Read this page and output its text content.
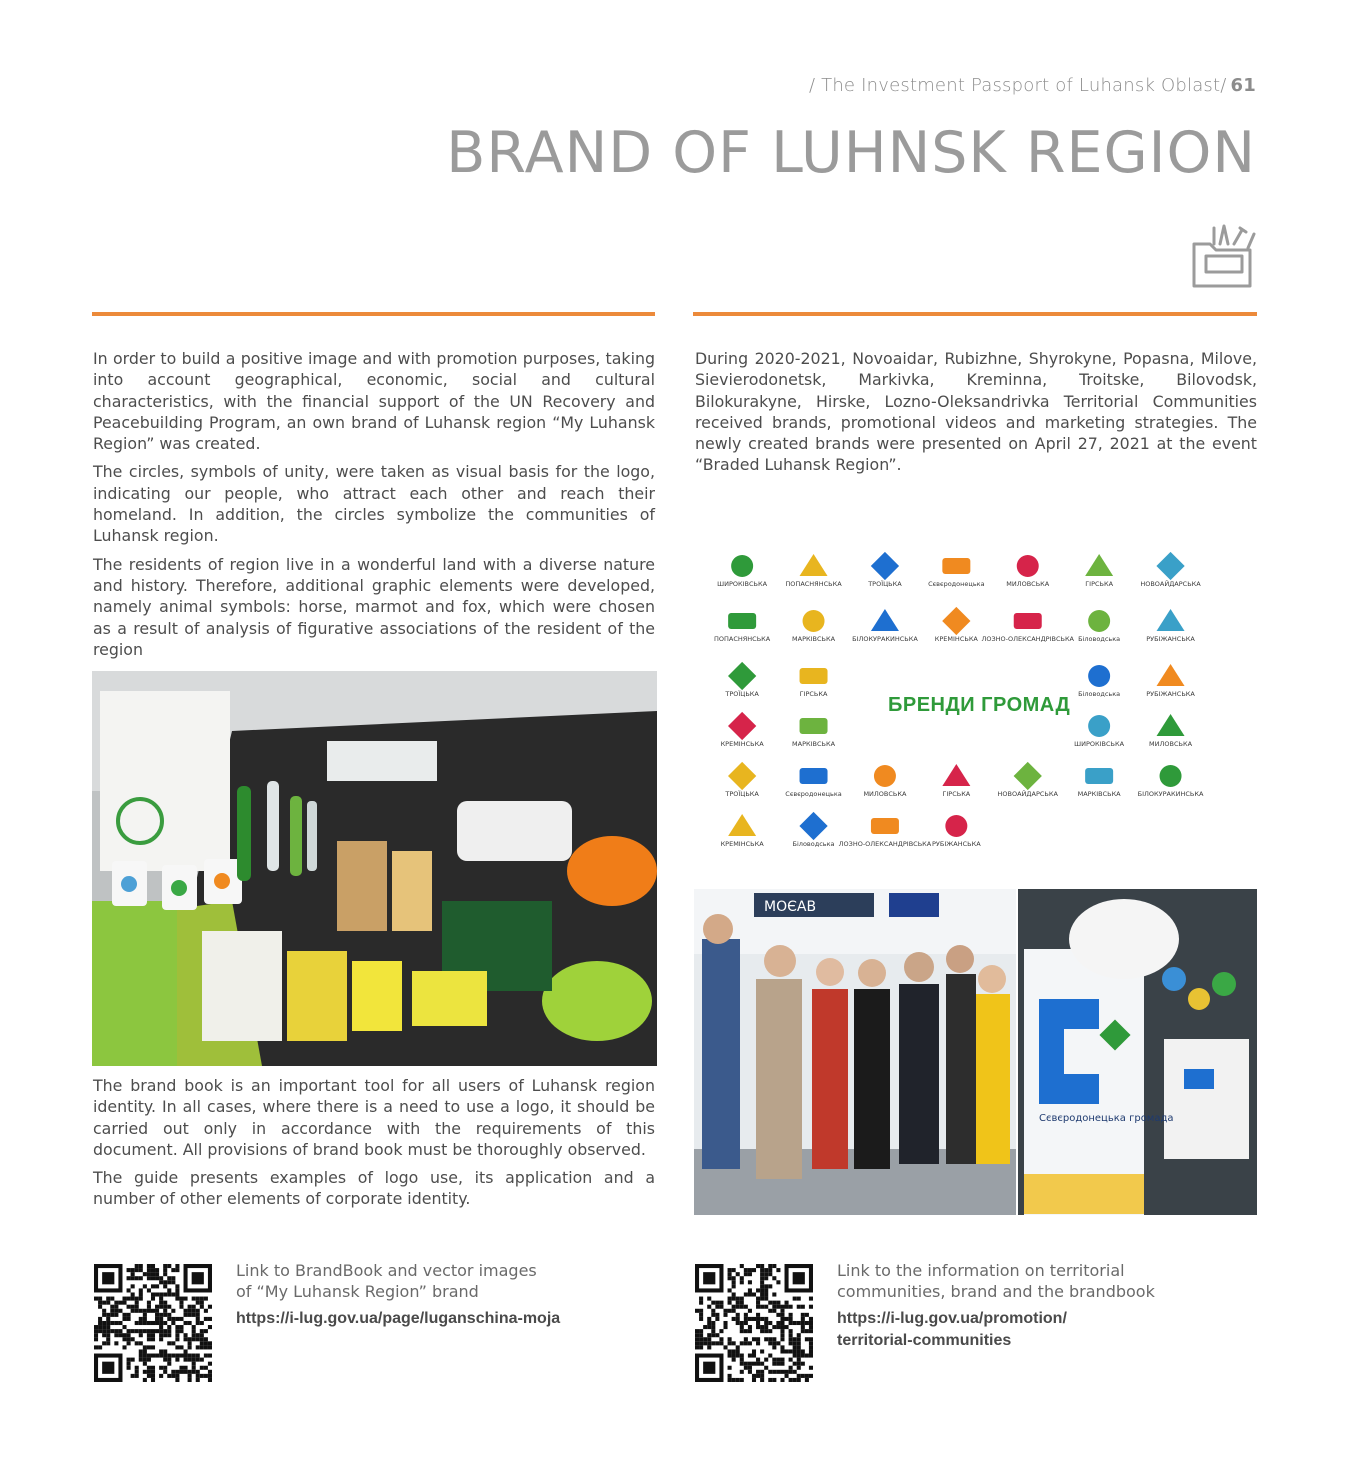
/ The Investment Passport of Luhansk Oblast/ 61
BRAND OF LUHNSK REGION

In order to build a positive image and with promotion purposes, taking into account geographical, economic, social and cultural characteristics, with the financial support of the UN Recovery and Peacebuilding Program, an own brand of Luhansk region “My Luhansk Region” was created.

The circles, symbols of unity, were taken as visual basis for the logo, indicating our people, who attract each other and reach their homeland. In addition, the circles symbolize the communities of Luhansk region.

The residents of region live in a wonderful land with a diverse nature and history. Therefore, additional graphic elements were developed, namely animal symbols: horse, marmot and fox, which were chosen as a result of analysis of figurative associations of the resident of the region

The brand book is an important tool for all users of Luhansk region identity. In all cases, where there is a need to use a logo, it should be carried out only in accordance with the requirements of this document. All provisions of brand book must be thoroughly observed.

The guide presents examples of logo use, its application and a number of other elements of corporate identity.

During 2020-2021, Novoaidar, Rubizhne, Shyrokyne, Popasna, Milove, Sievierodonetsk, Markivka, Kreminna, Troitske, Bilovodsk, Bilokurakyne, Hirske, Lozno-Oleksandrivka Territorial Communities received brands, promotional videos and marketing strategies. The newly created brands were presented on April 27, 2021 at the event “Braded Luhansk Region”.

ШИРОКІВСЬКА	ПОПАСНЯНСЬКА	ТРОЇЦЬКА	Сєвєродонецька	МИЛОВСЬКА	ГІРСЬКА	НОВОАЙДАРСЬКА
ПОПАСНЯНСЬКА	МАРКІВСЬКА	БІЛОКУРАКИНСЬКА	КРЕМІНСЬКА ЛОЗНО-ОЛЕКСАНДРІВСЬКА Біловодська	РУБІЖАНСЬКА
ТРОЇЦЬКА	ГІРСЬКА	Біловодська	РУБІЖАНСЬКА
КРЕМІНСЬКА	МАРКІВСЬКА	ШИРОКІВСЬКА	МИЛОВСЬКА
ТРОЇЦЬКА	Сєвєродонецька	МИЛОВСЬКА	ГІРСЬКА	НОВОАЙДАРСЬКА	МАРКІВСЬКА	БІЛОКУРАКИНСЬКА
КРЕМІНСЬКА	Біловодська ЛОЗНО-ОЛЕКСАНДРІВСЬКА РУБІЖАНСЬКА
БРЕНДИ ГРОМАД
МОЄАВ
Сєвєродонецька громада
Link to BrandBook and vector images
of “My Luhansk Region” brand
https://i-lug.gov.ua/page/luganschina-moja
Link to the information on territorial
communities, brand and the brandbook
https://i-lug.gov.ua/promotion/
territorial-communities
